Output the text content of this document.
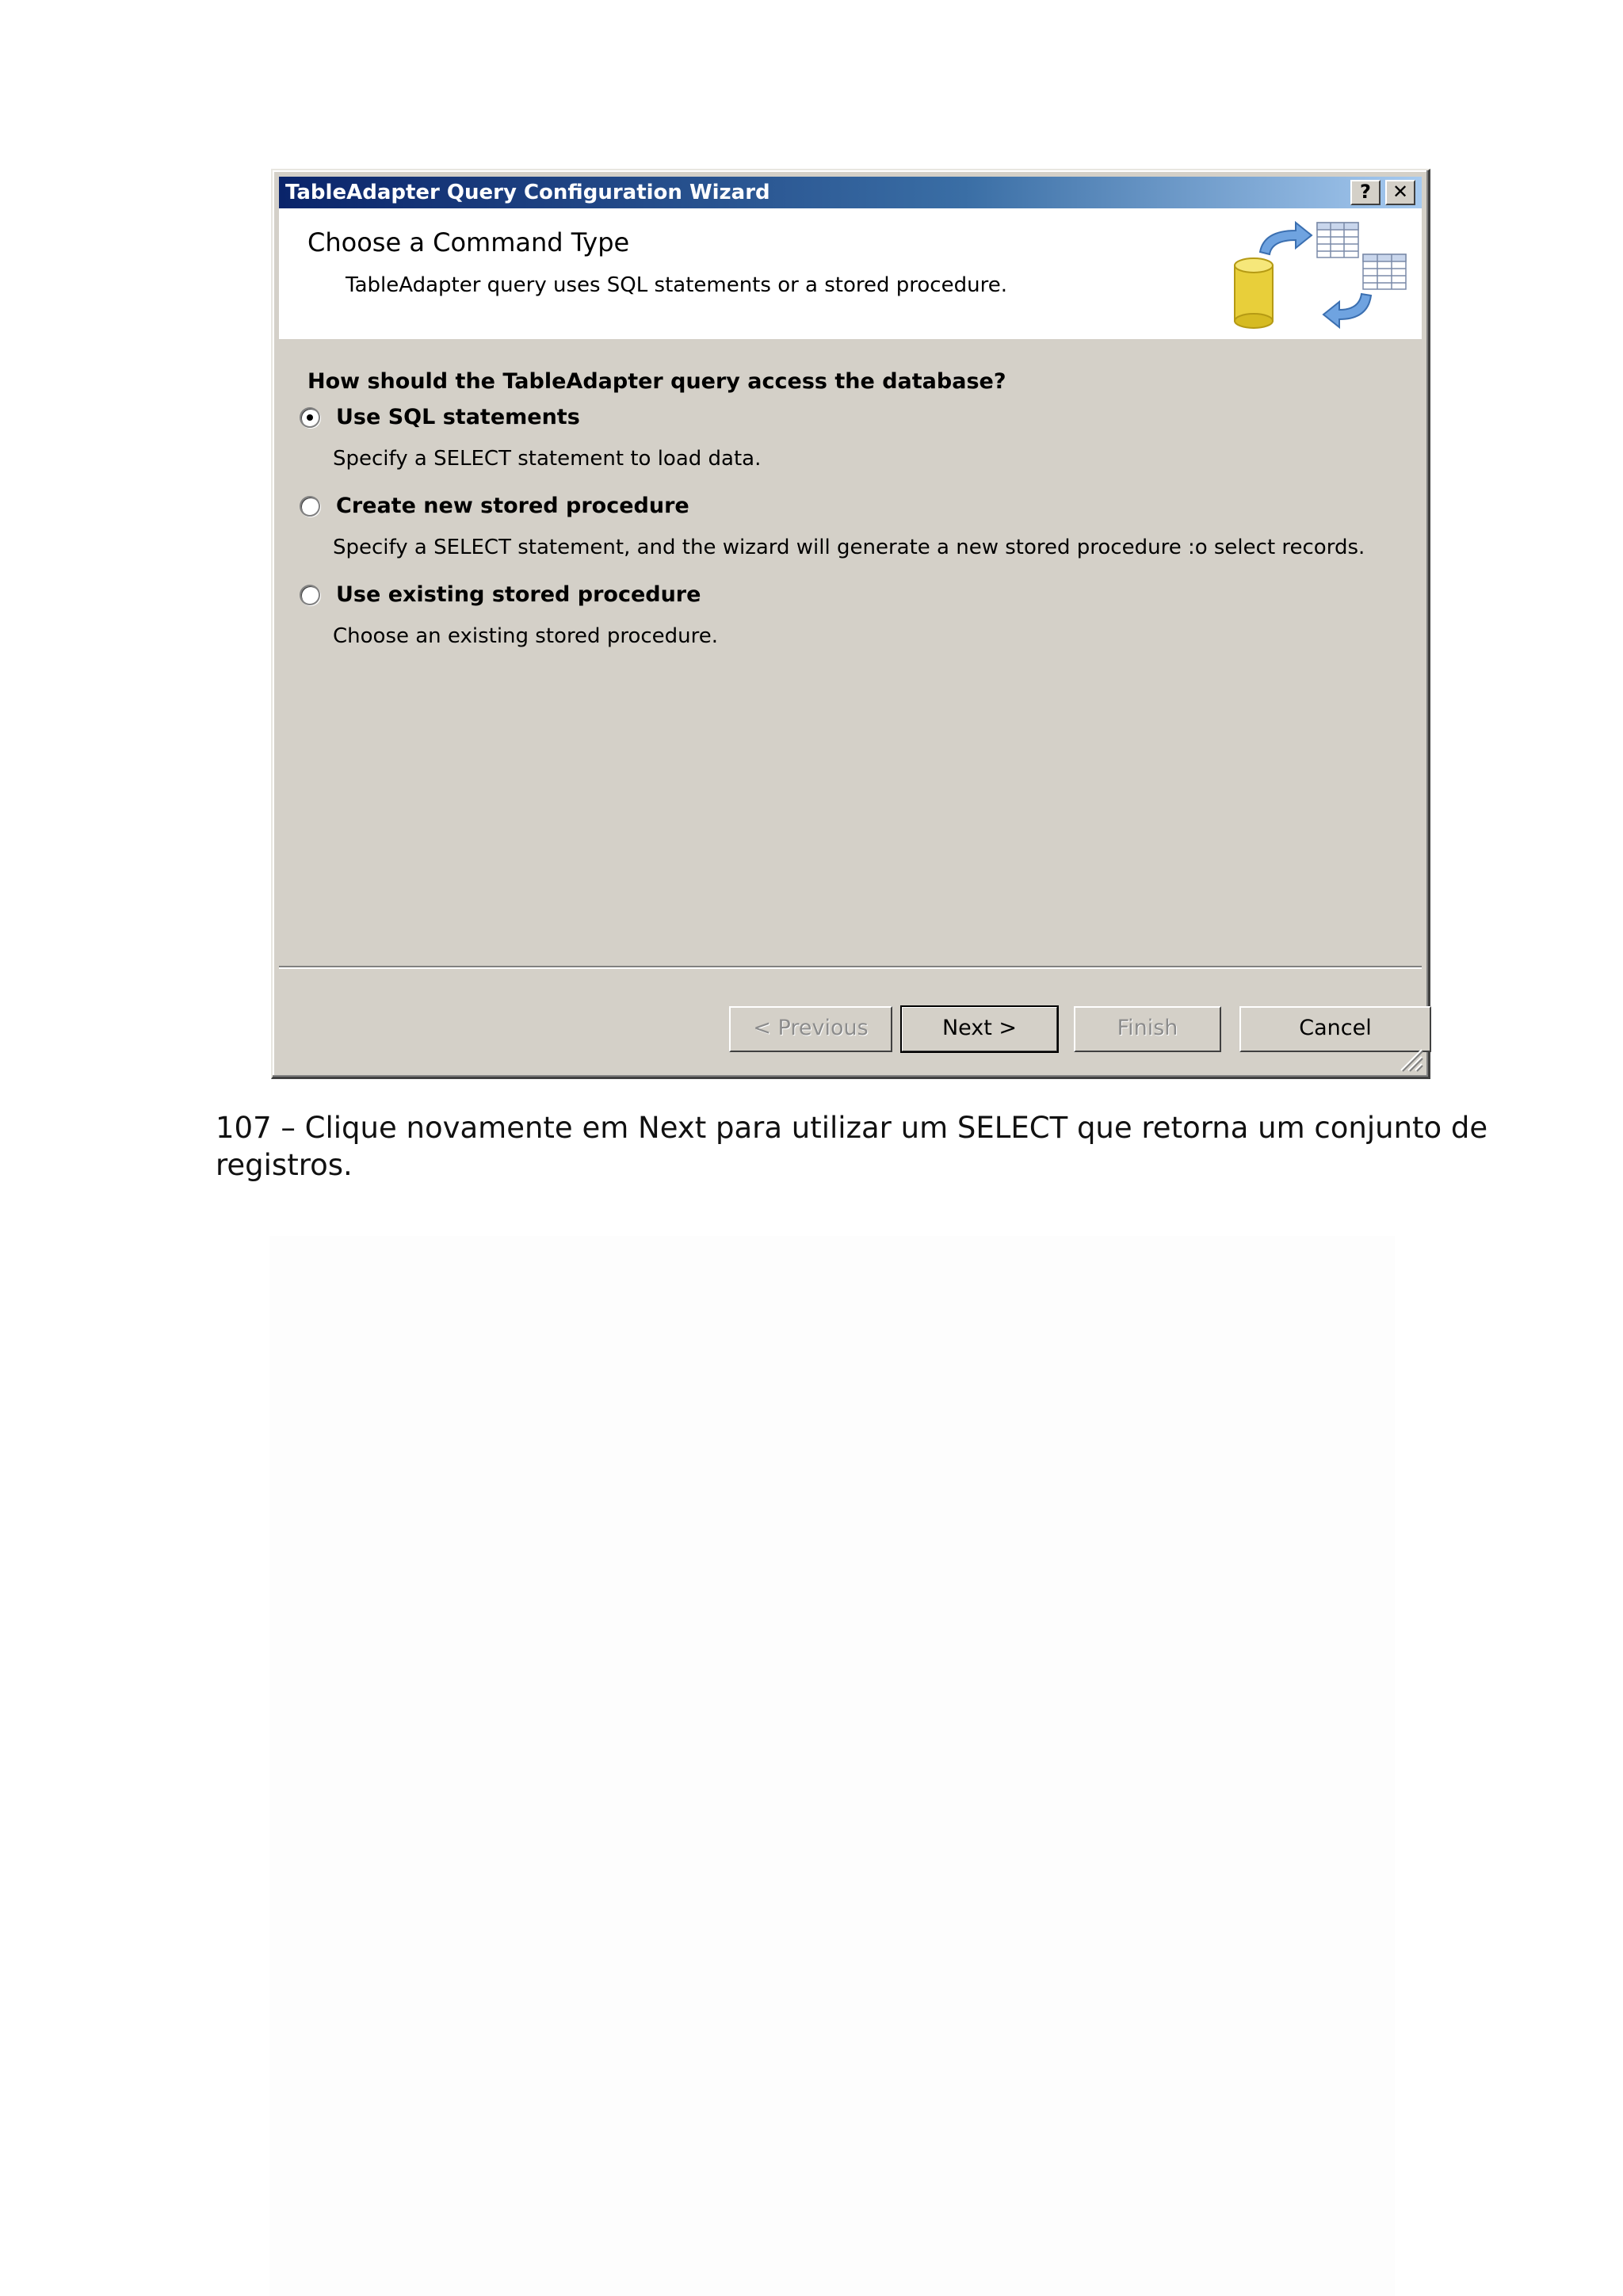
TableAdapter Query Configuration Wizard	?	✕
Choose a Command Type
TableAdapter query uses SQL statements or a stored procedure.
How should the TableAdapter query access the database?
Use SQL statements
Specify a SELECT statement to load data.
Create new stored procedure
Specify a SELECT statement, and the wizard will generate a new stored procedure :o select records.
Use existing stored procedure
Choose an existing stored procedure.
< Previous	Next >	Finish	Cancel
107 – Clique novamente em Next para utilizar um SELECT que retorna um conjunto de registros.
